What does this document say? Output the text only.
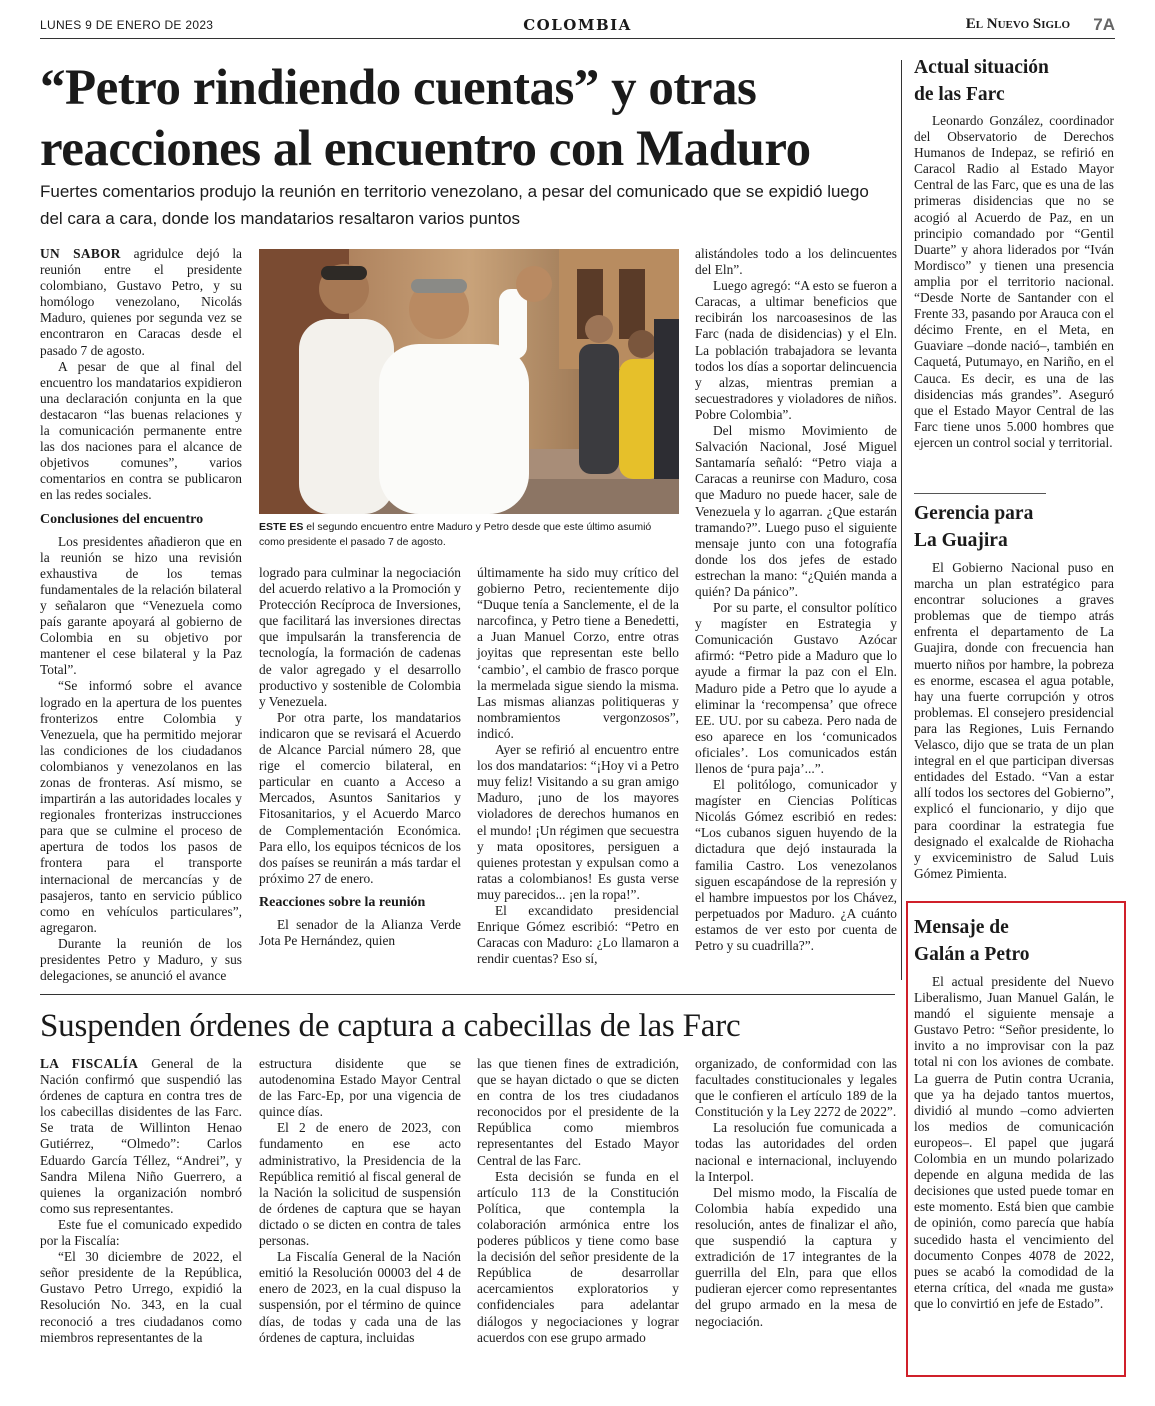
LUNES 9 DE ENERO DE 2023	COLOMBIA	El Nuevo Siglo 7A
“Petro rindiendo cuentas” y otras
reacciones al encuentro con Maduro

Fuertes comentarios produjo la reunión en territorio venezolano, a pesar del comunicado que se expidió luego del cara a cara, donde los mandatarios resaltaron varios puntos

UN SABOR agridulce dejó la reunión entre el presidente colombiano, Gustavo Petro, y su homólogo venezolano, Nicolás Maduro, quienes por segunda vez se encontraron en Caracas desde el pasado 7 de agosto.

A pesar de que al final del encuentro los mandatarios expidieron una declaración conjunta en la que destacaron “las buenas relaciones y la comunicación permanente entre las dos naciones para el alcance de objetivos comunes”, varios comentarios en contra se publicaron en las redes sociales.

Conclusiones del encuentro

Los presidentes añadieron que en la reunión se hizo una revisión exhaustiva de los temas fundamentales de la relación bilateral y señalaron que “Venezuela como país garante apoyará al gobierno de Colombia en su objetivo por mantener el cese bilateral y la Paz Total”.

“Se informó sobre el avance logrado en la apertura de los puentes fronterizos entre Colombia y Venezuela, que ha permitido mejorar las condiciones de los ciudadanos colombianos y venezolanos en las zonas de fronteras. Así mismo, se impartirán a las autoridades locales y regionales fronterizas instrucciones para que se culmine el proceso de apertura de todos los pasos de frontera para el transporte internacional de mercancías y de pasajeros, tanto en servicio público como en vehículos particulares”, agregaron.

Durante la reunión de los presidentes Petro y Maduro, y sus delegaciones, se anunció el avance

ESTE ES el segundo encuentro entre Maduro y Petro desde que este último asumió como presidente el pasado 7 de agosto.

logrado para culminar la negociación del acuerdo relativo a la Promoción y Protección Recíproca de Inversiones, que facilitará las inversiones directas que impulsarán la transferencia de tecnología, la formación de cadenas de valor agregado y el desarrollo productivo y sostenible de Colombia y Venezuela.

Por otra parte, los mandatarios indicaron que se revisará el Acuerdo de Alcance Parcial número 28, que rige el comercio bilateral, en particular en cuanto a Acceso a Mercados, Asuntos Sanitarios y Fitosanitarios, y el Acuerdo Marco de Complementación Económica. Para ello, los equipos técnicos de los dos países se reunirán a más tardar el próximo 27 de enero.

Reacciones sobre la reunión

El senador de la Alianza Verde Jota Pe Hernández, quien

últimamente ha sido muy crítico del gobierno Petro, recientemente dijo “Duque tenía a Sanclemente, el de la narcofinca, y Petro tiene a Benedetti, a Juan Manuel Corzo, entre otras joyitas que representan este bello ‘cambio’, el cambio de frasco porque la mermelada sigue siendo la misma. Las mismas alianzas politiqueras y nombramientos vergonzosos”, indicó.

Ayer se refirió al encuentro entre los dos mandatarios: “¡Hoy vi a Petro muy feliz! Visitando a su gran amigo Maduro, ¡uno de los mayores violadores de derechos humanos en el mundo! ¡Un régimen que secuestra y mata opositores, persiguen a quienes protestan y expulsan como a ratas a colombianos! Es gusta verse muy parecidos... ¡en la ropa!”.

El excandidato presidencial Enrique Gómez escribió: “Petro en Caracas con Maduro: ¿Lo llamaron a rendir cuentas? Eso sí,

alistándoles todo a los delincuentes del Eln”.

Luego agregó: “A esto se fueron a Caracas, a ultimar beneficios que recibirán los narcoasesinos de las Farc (nada de disidencias) y el Eln. La población trabajadora se levanta todos los días a soportar delincuencia y alzas, mientras premian a secuestradores y violadores de niños. Pobre Colombia”.

Del mismo Movimiento de Salvación Nacional, José Miguel Santamaría señaló: “Petro viaja a Caracas a reunirse con Maduro, cosa que Maduro no puede hacer, sale de Venezuela y lo agarran. ¿Que estarán tramando?”. Luego puso el siguiente mensaje junto con una fotografía donde los dos jefes de estado estrechan la mano: “¿Quién manda a quién? Da pánico”.

Por su parte, el consultor político y magíster en Estrategia y Comunicación Gustavo Azócar afirmó: “Petro pide a Maduro que lo ayude a firmar la paz con el Eln. Maduro pide a Petro que lo ayude a eliminar la ‘recompensa’ que ofrece EE. UU. por su cabeza. Pero nada de eso aparece en los ‘comunicados oficiales’. Los comunicados están llenos de ‘pura paja’...”.

El politólogo, comunicador y magíster en Ciencias Políticas Nicolás Gómez escribió en redes: “Los cubanos siguen huyendo de la dictadura que dejó instaurada la familia Castro. Los venezolanos siguen escapándose de la represión y el hambre impuestos por los Chávez, perpetuados por Maduro. ¿A cuánto estamos de ver esto por cuenta de Petro y su cuadrilla?”.

Suspenden órdenes de captura a cabecillas de las Farc

LA FISCALÍA General de la Nación confirmó que suspendió las órdenes de captura en contra tres de los cabecillas disidentes de las Farc. Se trata de Willinton Henao Gutiérrez, “Olmedo”: Carlos Eduardo García Téllez, “Andrei”, y Sandra Milena Niño Guerrero, a quienes la organización nombró como sus representantes.

Este fue el comunicado expedido por la Fiscalía:

“El 30 diciembre de 2022, el señor presidente de la República, Gustavo Petro Urrego, expidió la Resolución No. 343, en la cual reconoció a tres ciudadanos como miembros representantes de la

estructura disidente que se autodenomina Estado Mayor Central de las Farc-Ep, por una vigencia de quince días.

El 2 de enero de 2023, con fundamento en ese acto administrativo, la Presidencia de la República remitió al fiscal general de la Nación la solicitud de suspensión de órdenes de captura que se hayan dictado o se dicten en contra de tales personas.

La Fiscalía General de la Nación emitió la Resolución 00003 del 4 de enero de 2023, en la cual dispuso la suspensión, por el término de quince días, de todas y cada una de las órdenes de captura, incluidas

las que tienen fines de extradición, que se hayan dictado o que se dicten en contra de los tres ciudadanos reconocidos por el presidente de la República como miembros representantes del Estado Mayor Central de las Farc.

Esta decisión se funda en el artículo 113 de la Constitución Política, que contempla la colaboración armónica entre los poderes públicos y tiene como base la decisión del señor presidente de la República de desarrollar acercamientos exploratorios y confidenciales para adelantar diálogos y negociaciones y lograr acuerdos con ese grupo armado

organizado, de conformidad con las facultades constitucionales y legales que le confieren el artículo 189 de la Constitución y la Ley 2272 de 2022”.

La resolución fue comunicada a todas las autoridades del orden nacional e internacional, incluyendo la Interpol.

Del mismo modo, la Fiscalía de Colombia había expedido una resolución, antes de finalizar el año, que suspendió la captura y extradición de 17 integrantes de la guerrilla del Eln, para que ellos pudieran ejercer como representantes del grupo armado en la mesa de negociación.

Actual situación
de las Farc

Leonardo González, coordinador del Observatorio de Derechos Humanos de Indepaz, se refirió en Caracol Radio al Estado Mayor Central de las Farc, que es una de las primeras disidencias que no se acogió al Acuerdo de Paz, en un principio comandado por “Gentil Duarte” y ahora liderados por “Iván Mordisco” y tienen una presencia amplia por el territorio nacional. “Desde Norte de Santander con el Frente 33, pasando por Arauca con el décimo Frente, en el Meta, en Guaviare –donde nació–, también en Caquetá, Putumayo, en Nariño, en el Cauca. Es decir, es una de las disidencias más grandes”. Aseguró que el Estado Mayor Central de las Farc tiene unos 5.000 hombres que ejercen un control social y territorial.

Gerencia para
La Guajira

El Gobierno Nacional puso en marcha un plan estratégico para encontrar soluciones a graves problemas que de tiempo atrás enfrenta el departamento de La Guajira, donde con frecuencia han muerto niños por hambre, la pobreza es enorme, escasea el agua potable, hay una fuerte corrupción y otros problemas. El consejero presidencial para las Regiones, Luis Fernando Velasco, dijo que se trata de un plan integral en el que participan diversas entidades del Estado. “Van a estar allí todos los sectores del Gobierno”, explicó el funcionario, y dijo que para coordinar la estrategia fue designado el exalcalde de Riohacha y exviceministro de Salud Luis Gómez Pimienta.

Mensaje de
Galán a Petro

El actual presidente del Nuevo Liberalismo, Juan Manuel Galán, le mandó el siguiente mensaje a Gustavo Petro: “Señor presidente, lo invito a no improvisar con la paz total ni con los aviones de combate. La guerra de Putin contra Ucrania, que ya ha dejado tantos muertos, dividió al mundo –como advierten los medios de comunicación europeos–. El papel que jugará Colombia en un mundo polarizado depende en alguna medida de las decisiones que usted puede tomar en este momento. Está bien que cambie de opinión, como parecía que había sucedido hasta el vencimiento del documento Conpes 4078 de 2022, pues se acabó la comodidad de la eterna crítica, del «nada me gusta» que lo convirtió en jefe de Estado”.
